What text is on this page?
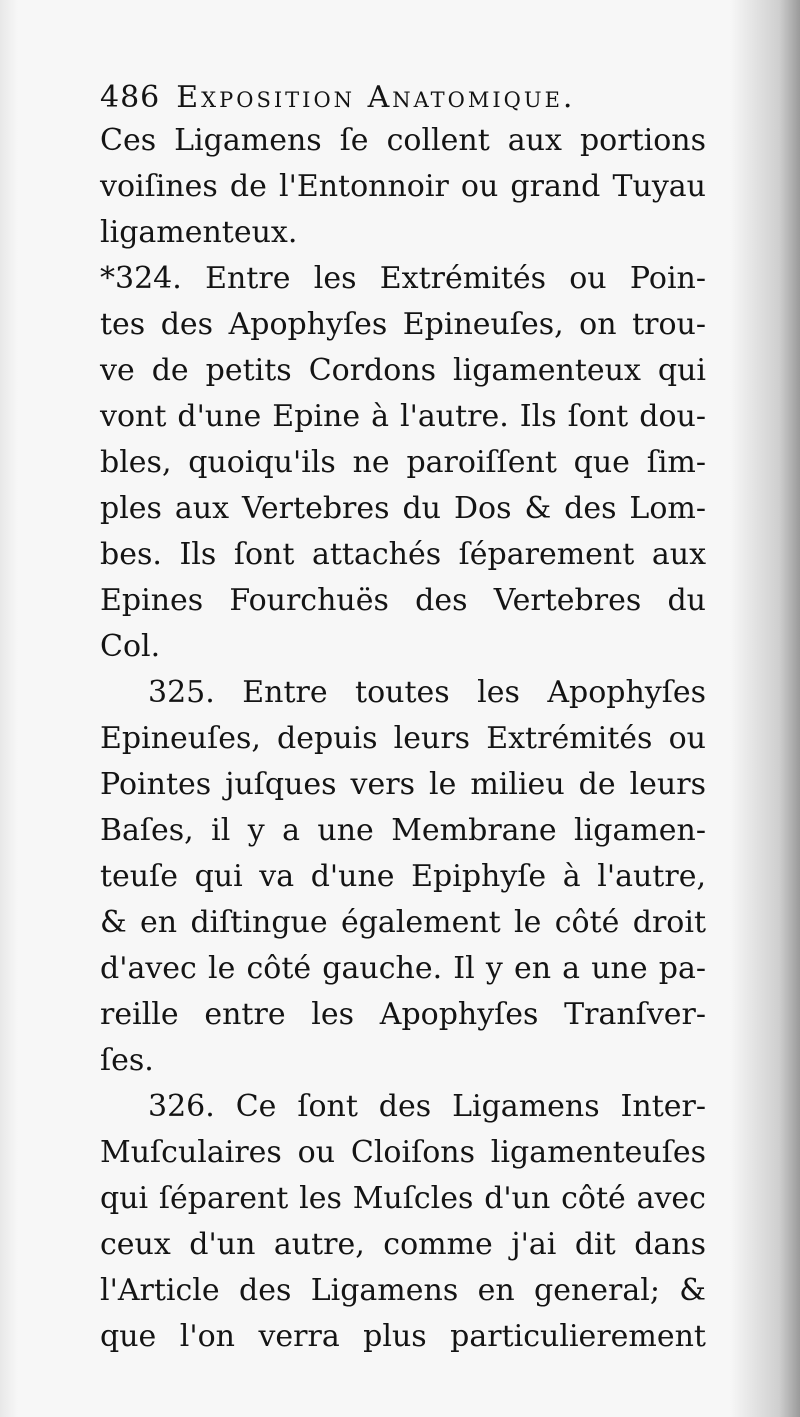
486 Exposition Anatomique.
Ces Ligamens ſe collent aux portions
voiſines de l'Entonnoir ou grand Tuyau
ligamenteux.
*324. Entre les Extrémités ou Poin-
tes des Apophyſes Epineuſes, on trou-
ve de petits Cordons ligamenteux qui
vont d'une Epine à l'autre. Ils ſont dou-
bles, quoiqu'ils ne paroiſſent que ſim-
ples aux Vertebres du Dos & des Lom-
bes. Ils ſont attachés ſéparement aux
Epines Fourchuës des Vertebres du
Col.
325. Entre toutes les Apophyſes
Epineuſes, depuis leurs Extrémités ou
Pointes juſques vers le milieu de leurs
Baſes, il y a une Membrane ligamen-
teuſe qui va d'une Epiphyſe à l'autre,
& en diſtingue également le côté droit
d'avec le côté gauche. Il y en a une pa-
reille entre les Apophyſes Tranſver-
ſes.
326. Ce ſont des Ligamens Inter-
Muſculaires ou Cloiſons ligamenteuſes
qui ſéparent les Muſcles d'un côté avec
ceux d'un autre, comme j'ai dit dans
l'Article des Ligamens en general; &
que l'on verra plus particulierement
